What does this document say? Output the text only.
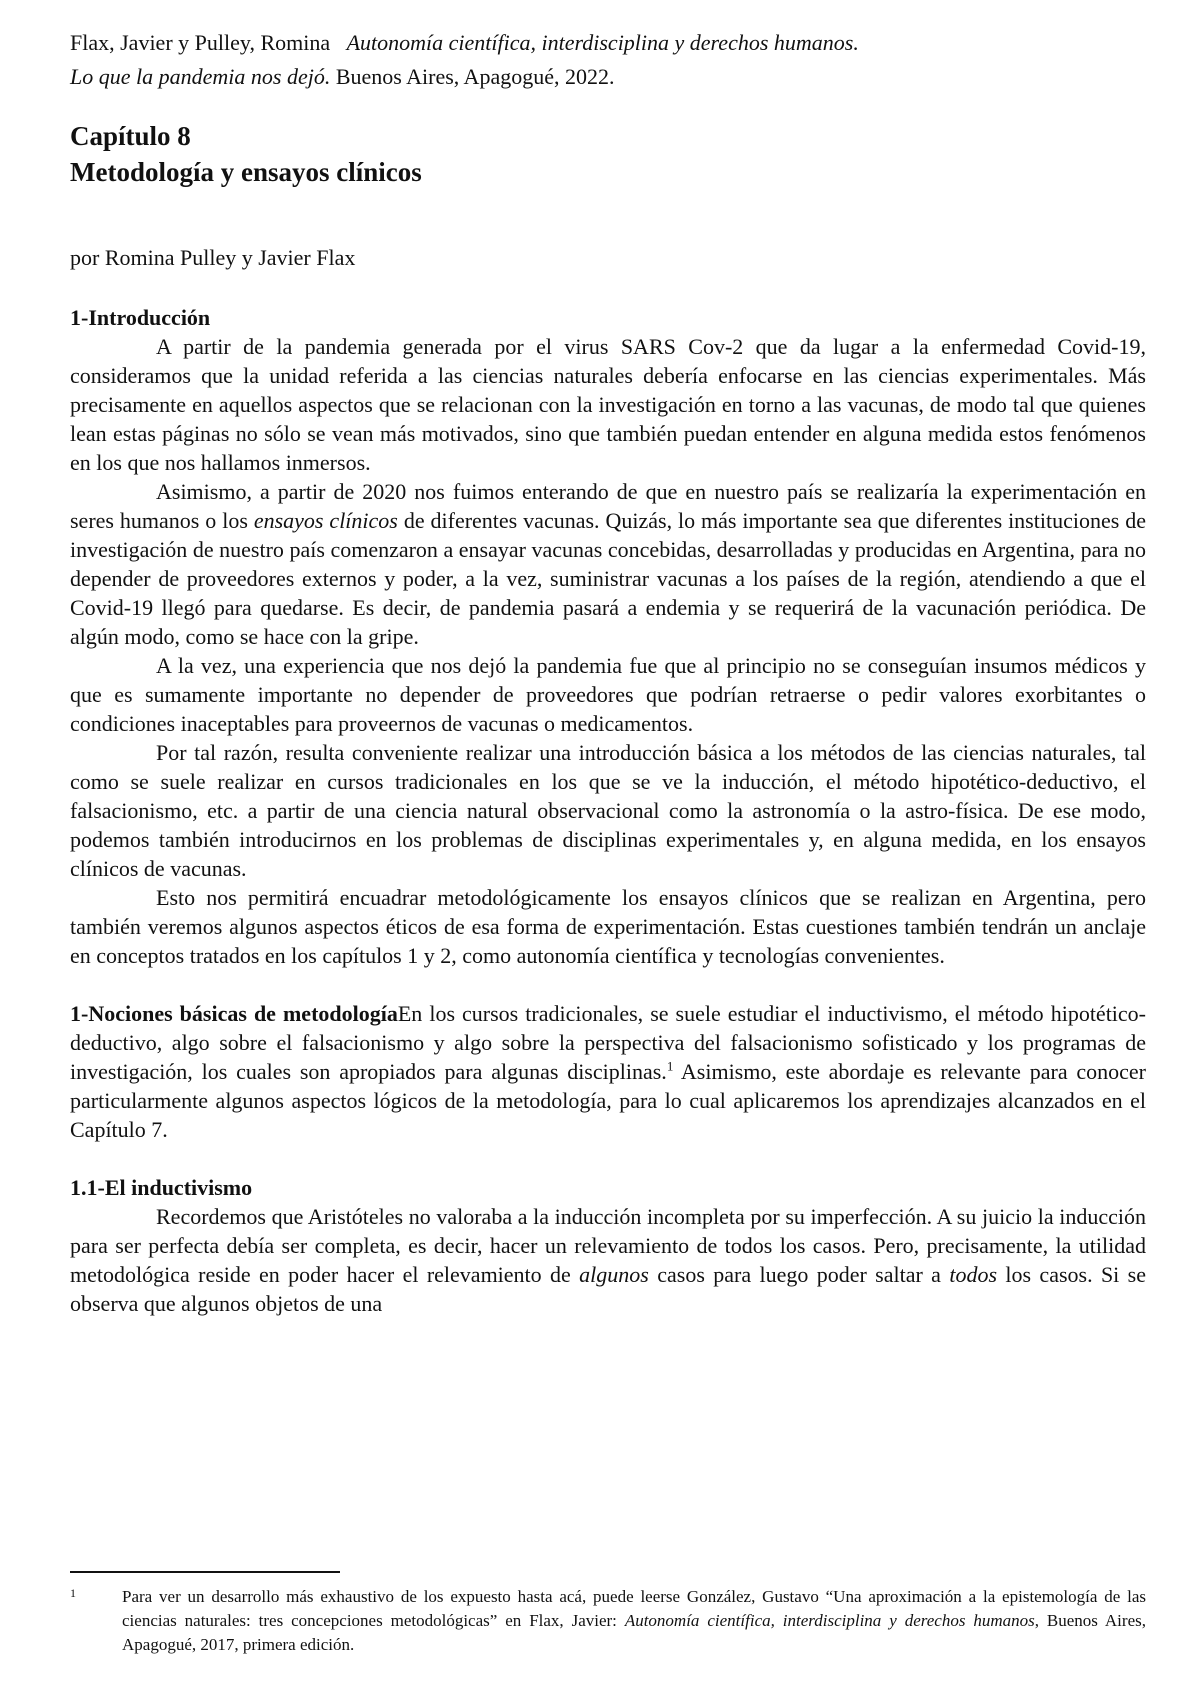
Flax, Javier y Pulley, Romina Autonomía científica, interdisciplina y derechos humanos.
Lo que la pandemia nos dejó. Buenos Aires, Apagogué, 2022.
Capítulo 8
Metodología y ensayos clínicos
por Romina Pulley y Javier Flax

1-Introducción

A partir de la pandemia generada por el virus SARS Cov-2 que da lugar a la enfermedad Covid-19, consideramos que la unidad referida a las ciencias naturales debería enfocarse en las ciencias experimentales. Más precisamente en aquellos aspectos que se relacionan con la investigación en torno a las vacunas, de modo tal que quienes lean estas páginas no sólo se vean más motivados, sino que también puedan entender en alguna medida estos fenómenos en los que nos hallamos inmersos.

Asimismo, a partir de 2020 nos fuimos enterando de que en nuestro país se realizaría la experimentación en seres humanos o los ensayos clínicos de diferentes vacunas. Quizás, lo más importante sea que diferentes instituciones de investigación de nuestro país comenzaron a ensayar vacunas concebidas, desarrolladas y producidas en Argentina, para no depender de proveedores externos y poder, a la vez, suministrar vacunas a los países de la región, atendiendo a que el Covid-19 llegó para quedarse. Es decir, de pandemia pasará a endemia y se requerirá de la vacunación periódica. De algún modo, como se hace con la gripe.

A la vez, una experiencia que nos dejó la pandemia fue que al principio no se conseguían insumos médicos y que es sumamente importante no depender de proveedores que podrían retraerse o pedir valores exorbitantes o condiciones inaceptables para proveernos de vacunas o medicamentos.

Por tal razón, resulta conveniente realizar una introducción básica a los métodos de las ciencias naturales, tal como se suele realizar en cursos tradicionales en los que se ve la inducción, el método hipotético-deductivo, el falsacionismo, etc. a partir de una ciencia natural observacional como la astronomía o la astro-física. De ese modo, podemos también introducirnos en los problemas de disciplinas experimentales y, en alguna medida, en los ensayos clínicos de vacunas.

Esto nos permitirá encuadrar metodológicamente los ensayos clínicos que se realizan en Argentina, pero también veremos algunos aspectos éticos de esa forma de experimentación. Estas cuestiones también tendrán un anclaje en conceptos tratados en los capítulos 1 y 2, como autonomía científica y tecnologías convenientes.

1-Nociones básicas de metodologíaEn los cursos tradicionales, se suele estudiar el inductivismo, el método hipotético-deductivo, algo sobre el falsacionismo y algo sobre la perspectiva del falsacionismo sofisticado y los programas de investigación, los cuales son apropiados para algunas disciplinas.$^1$ Asimismo, este abordaje es relevante para conocer particularmente algunos aspectos lógicos de la metodología, para lo cual aplicaremos los aprendizajes alcanzados en el Capítulo 7.

1.1-El inductivismo

Recordemos que Aristóteles no valoraba a la inducción incompleta por su imperfección. A su juicio la inducción para ser perfecta debía ser completa, es decir, hacer un relevamiento de todos los casos. Pero, precisamente, la utilidad metodológica reside en poder hacer el relevamiento de algunos casos para luego poder saltar a todos los casos. Si se observa que algunos objetos de una

1	Para ver un desarrollo más exhaustivo de los expuesto hasta acá, puede leerse González, Gustavo “Una aproximación a la epistemología de las ciencias naturales: tres concepciones metodológicas” en Flax, Javier: Autonomía científica, interdisciplina y derechos humanos, Buenos Aires, Apagogué, 2017, primera edición.
